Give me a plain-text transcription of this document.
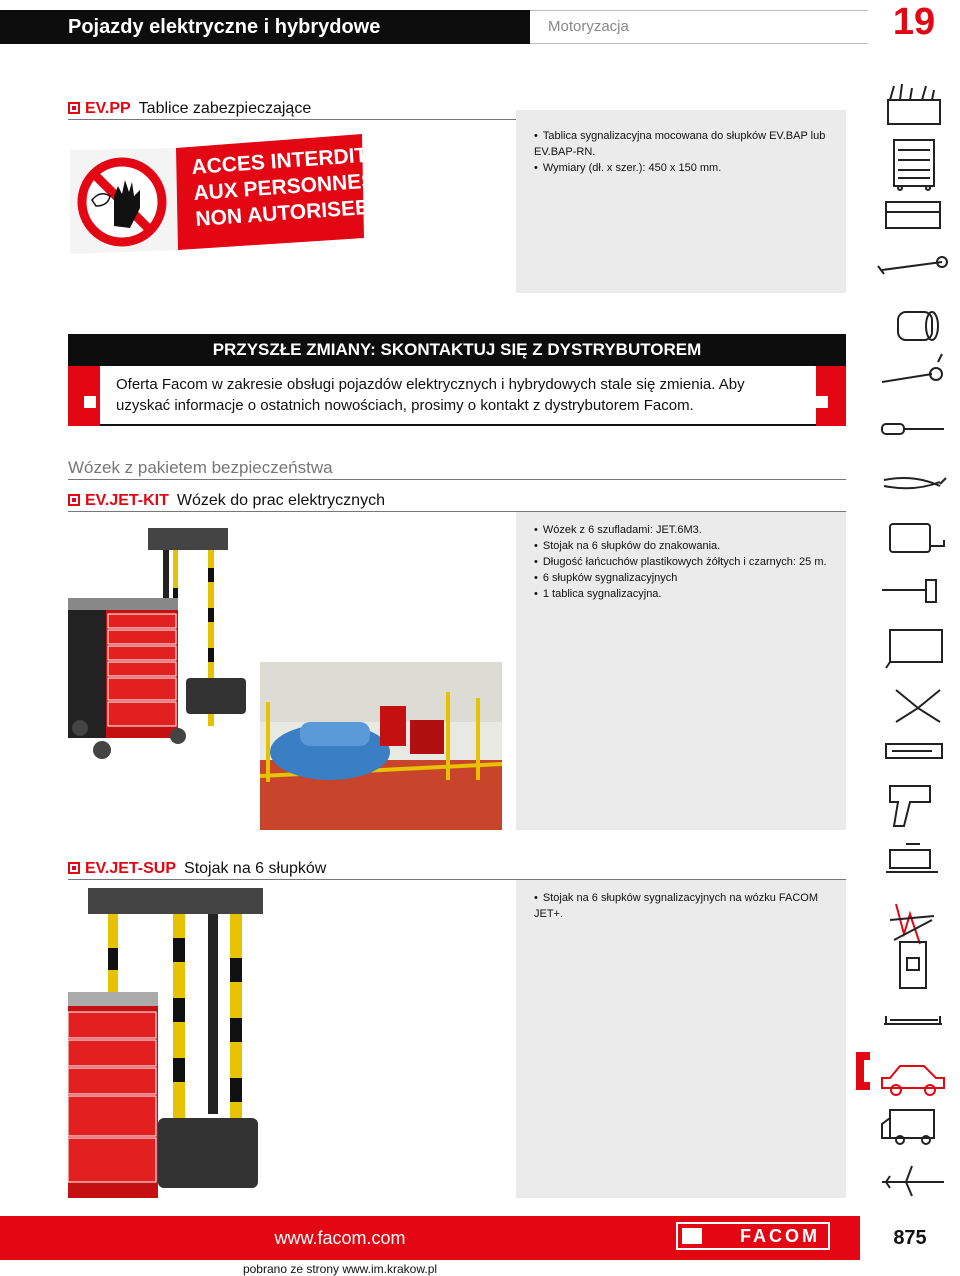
Pojazdy elektryczne i hybrydowe	Motoryzacja	19
EV.PP Tablice zabezpieczające
• Tablica sygnalizacyjna mocowana do słupków EV.BAP lub EV.BAP-RN.
• Wymiary (dł. x szer.): 450 x 150 mm.
ACCES INTERDIT
AUX PERSONNES
NON AUTORISEES
PRZYSZŁE ZMIANY: SKONTAKTUJ SIĘ Z DYSTRYBUTOREM
Oferta Facom w zakresie obsługi pojazdów elektrycznych i hybrydowych stale się zmienia. Aby uzyskać informacje o ostatnich nowościach, prosimy o kontakt z dystrybutorem Facom.
Wózek z pakietem bezpieczeństwa
EV.JET-KIT Wózek do prac elektrycznych
• Wózek z 6 szufladami: JET.6M3.
• Stojak na 6 słupków do znakowania.
• Długość łańcuchów plastikowych żółtych i czarnych: 25 m.
• 6 słupków sygnalizacyjnych
• 1 tablica sygnalizacyjna.
EV.JET-SUP Stojak na 6 słupków
• Stojak na 6 słupków sygnalizacyjnych na wózku FACOM JET+.
www.facom.com	FACOM	875
pobrano ze strony www.im.krakow.pl
